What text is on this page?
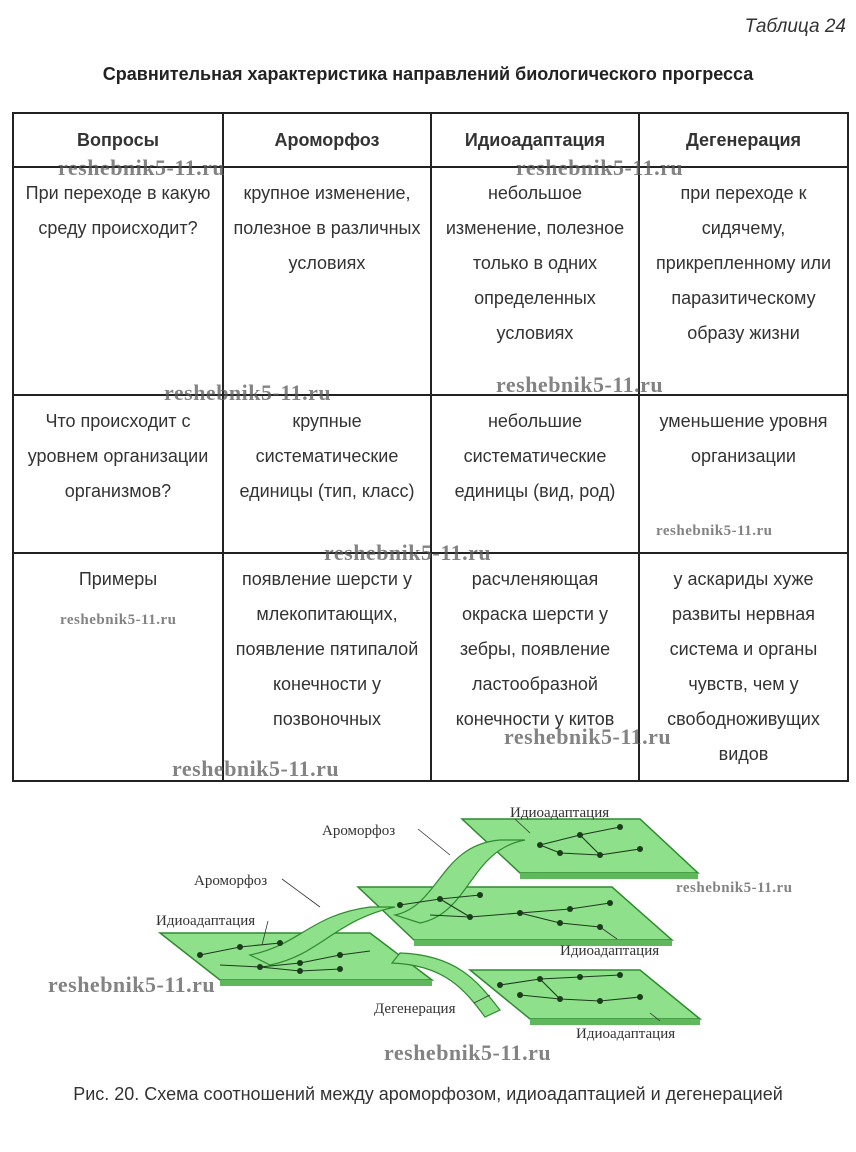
Таблица 24
Сравнительная характеристика направлений биологического прогресса
Вопросы	Ароморфоз	Идиоадаптация	Дегенерация
При переходе в какую среду происходит?	крупное изменение, полезное в различных условиях	небольшое изменение, полезное только в одних определенных условиях	при переходе к сидячему, прикрепленному или паразитическому образу жизни
Что происходит с уровнем организации организмов?	крупные систематические единицы (тип, класс)	небольшие систематические единицы (вид, род)	уменьшение уровня организации
Примеры	появление шерсти у млекопитающих, появление пятипалой конечности у позвоночных	расчленяющая окраска шерсти у зебры, появление ластообразной конечности у китов	у аскариды хуже развиты нервная система и органы чувств, чем у свободноживущих видов
reshebnik5-11.ru	reshebnik5-11.ru
reshebnik5-11.ru	reshebnik5-11.ru
reshebnik5-11.ru
reshebnik5-11.ru
reshebnik5-11.ru
reshebnik5-11.ru
reshebnik5-11.ru
Идиоадаптация
Ароморфоз
Ароморфоз
Идиоадаптация
Идиоадаптация
Дегенерация
Идиоадаптация
reshebnik5-11.ru
reshebnik5-11.ru
reshebnik5-11.ru
Рис. 20. Схема соотношений между ароморфозом, идиоадаптацией и дегенерацией
